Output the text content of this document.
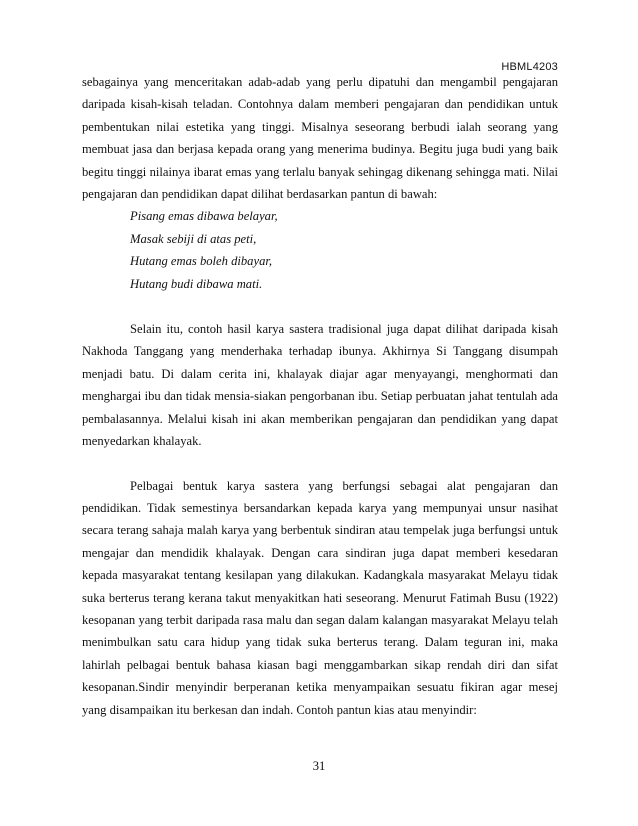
HBML4203

sebagainya yang menceritakan adab-adab yang perlu dipatuhi dan mengambil pengajaran daripada kisah-kisah teladan. Contohnya dalam memberi pengajaran dan pendidikan untuk pembentukan nilai estetika yang tinggi. Misalnya seseorang berbudi ialah seorang yang membuat jasa dan berjasa kepada orang yang menerima budinya. Begitu juga budi yang baik begitu tinggi nilainya ibarat emas yang terlalu banyak sehingag dikenang sehingga mati. Nilai pengajaran dan pendidikan dapat dilihat berdasarkan pantun di bawah:

Pisang emas dibawa belayar,
Masak sebiji di atas peti,
Hutang emas boleh dibayar,
Hutang budi dibawa mati.

Selain itu, contoh hasil karya sastera tradisional juga dapat dilihat daripada kisah Nakhoda Tanggang yang menderhaka terhadap ibunya. Akhirnya Si Tanggang disumpah menjadi batu. Di dalam cerita ini, khalayak diajar agar menyayangi, menghormati dan menghargai ibu dan tidak mensia-siakan pengorbanan ibu. Setiap perbuatan jahat tentulah ada pembalasannya. Melalui kisah ini akan memberikan pengajaran dan pendidikan yang dapat menyedarkan khalayak.

Pelbagai bentuk karya sastera yang berfungsi sebagai alat pengajaran dan pendidikan. Tidak semestinya bersandarkan kepada karya yang mempunyai unsur nasihat secara terang sahaja malah karya yang berbentuk sindiran atau tempelak juga berfungsi untuk mengajar dan mendidik khalayak. Dengan cara sindiran juga dapat memberi kesedaran kepada masyarakat tentang kesilapan yang dilakukan. Kadangkala masyarakat Melayu tidak suka berterus terang kerana takut menyakitkan hati seseorang. Menurut Fatimah Busu (1922) kesopanan yang terbit daripada rasa malu dan segan dalam kalangan masyarakat Melayu telah menimbulkan satu cara hidup yang tidak suka berterus terang. Dalam teguran ini, maka lahirlah pelbagai bentuk bahasa kiasan bagi menggambarkan sikap rendah diri dan sifat kesopanan.Sindir menyindir berperanan ketika menyampaikan sesuatu fikiran agar mesej yang disampaikan itu berkesan dan indah. Contoh pantun kias atau menyindir:

31
